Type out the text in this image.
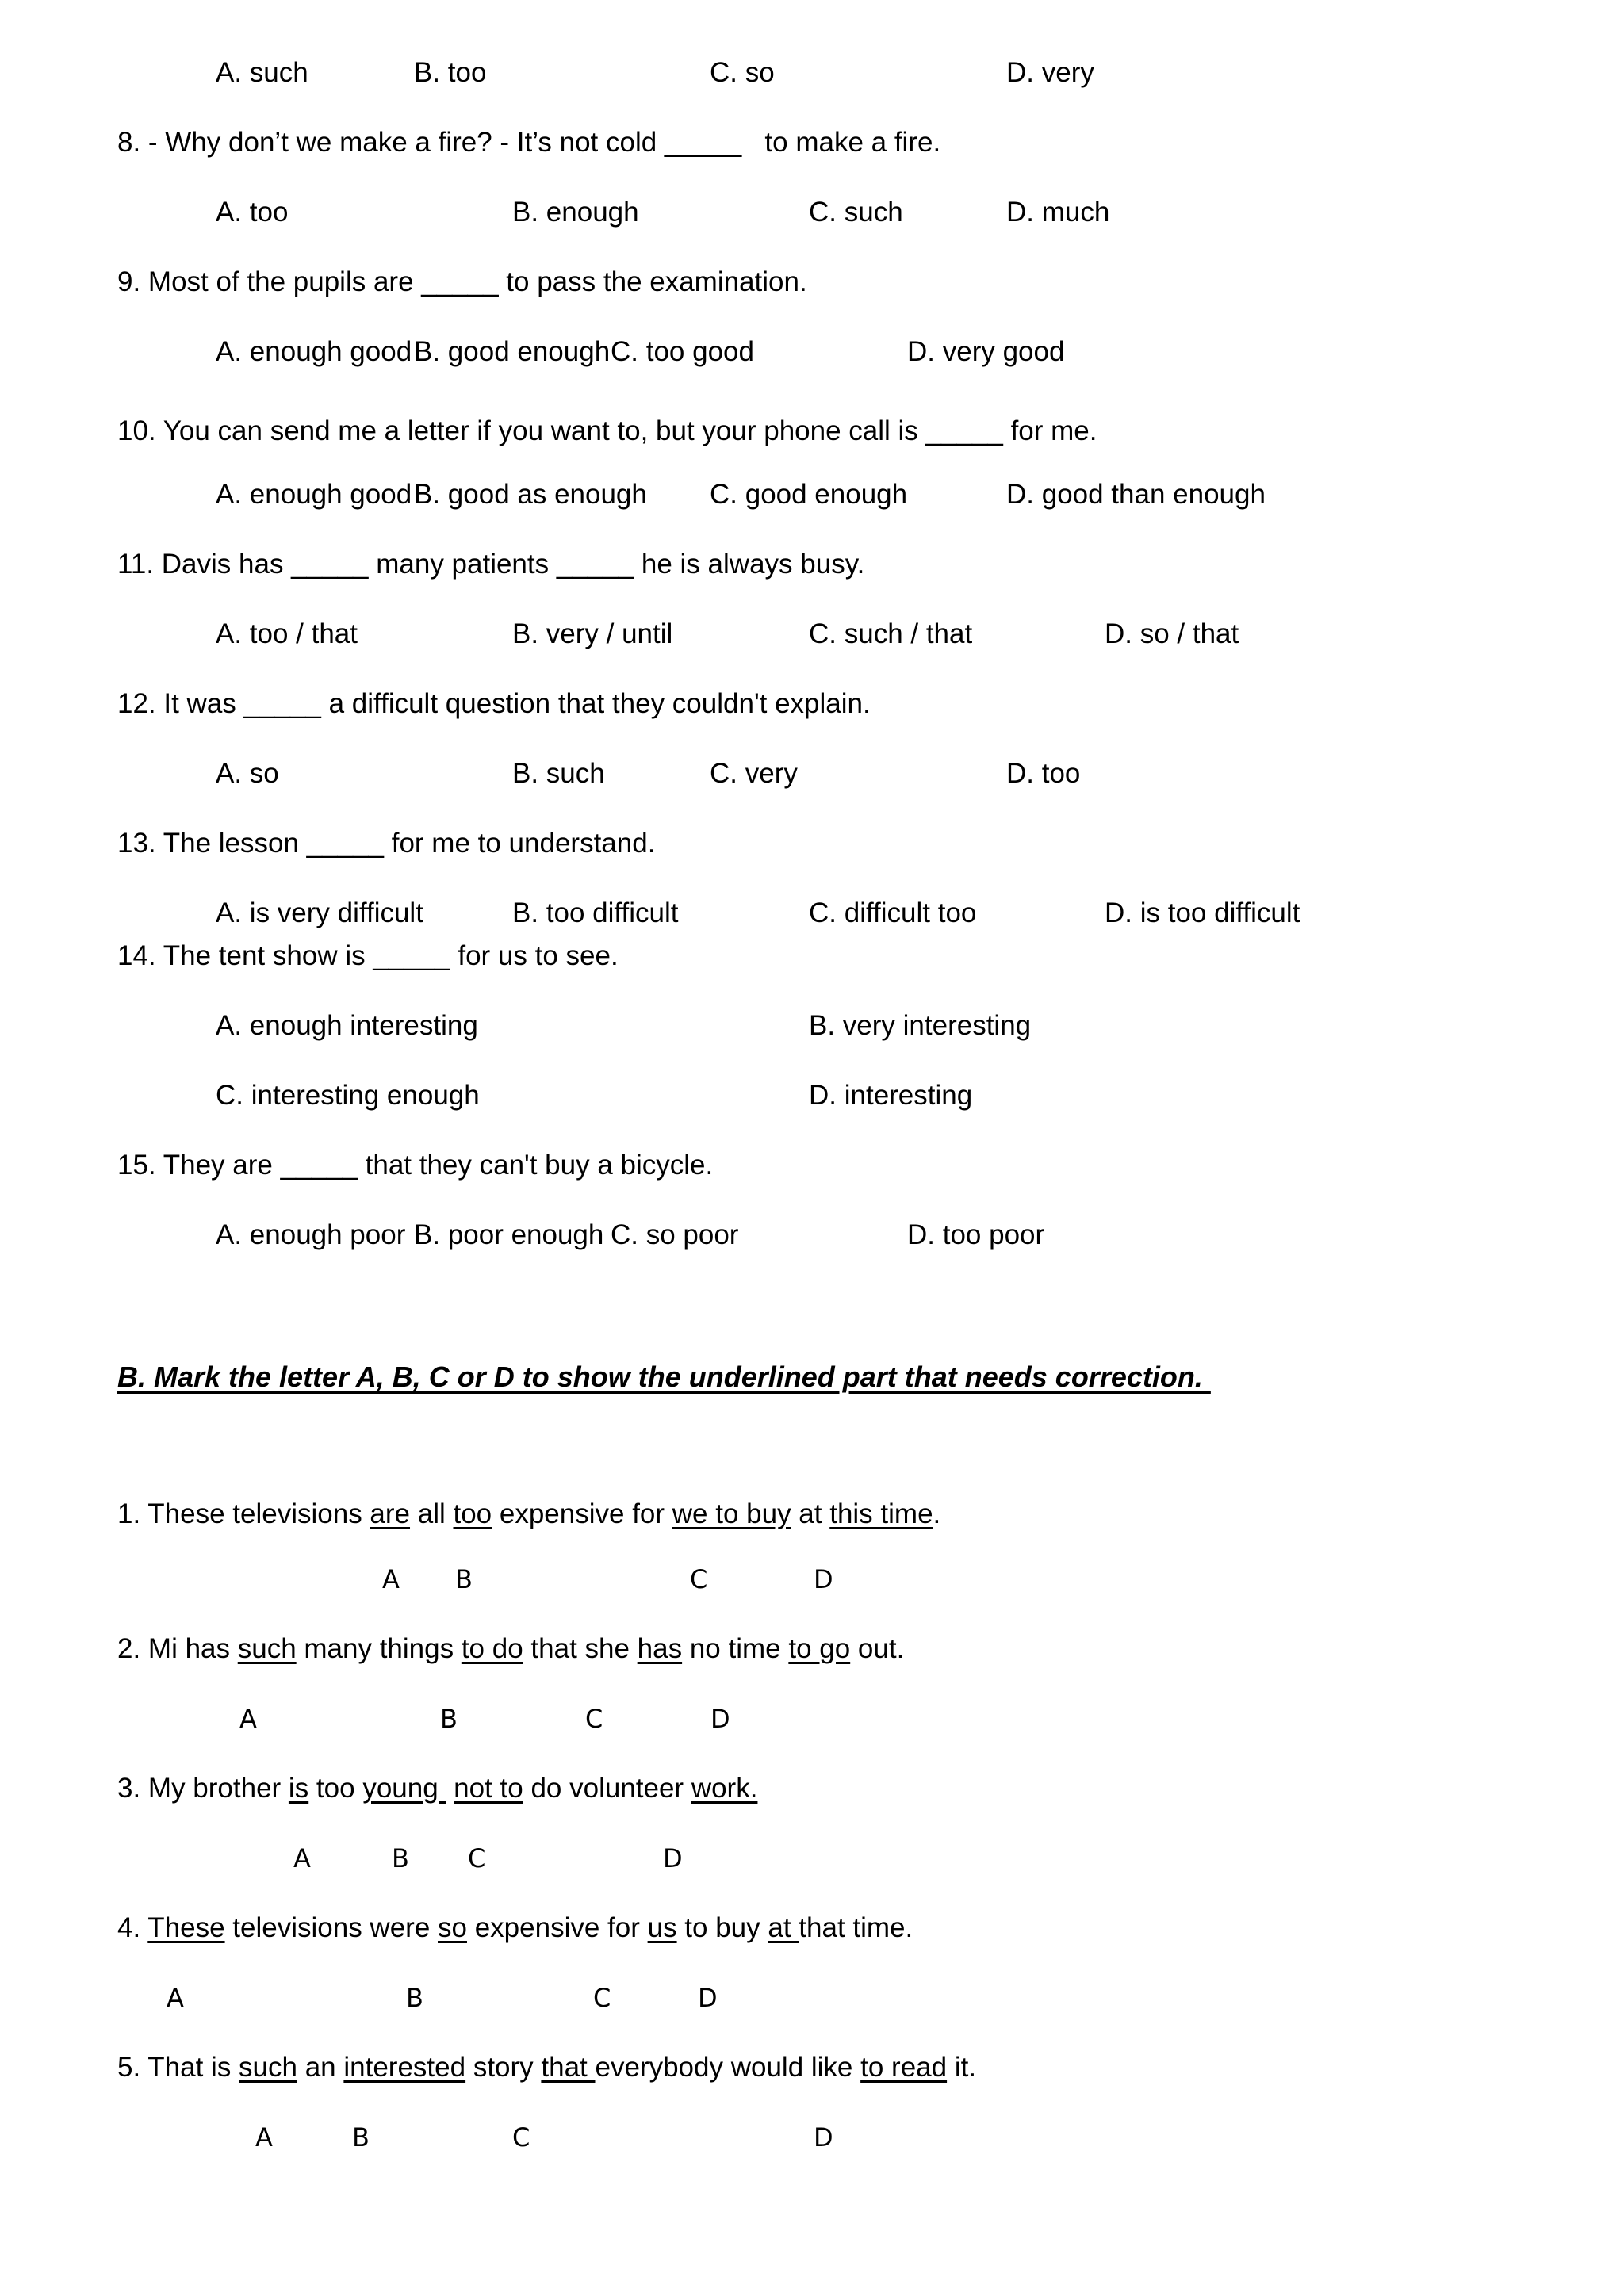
A. such	B. too	C. so	D. very
8. - Why don’t we make a fire? - It’s not cold _____   to make a fire.
A. too	B. enough	C. such	D. much
9. Most of the pupils are _____ to pass the examination.
A. enough good B. good enough C. too good	D. very good
10. You can send me a letter if you want to, but your phone call is _____ for me.
A. enough good B. good as enough C. good enough	D. good than enough
11. Davis has _____ many patients _____ he is always busy.
A. too / that	B. very / until	C. such / that	D. so / that
12. It was _____ a difficult question that they couldn't explain.
A. so	B. such	C. very	D. too
13. The lesson _____ for me to understand.
A. is very difficult	B. too difficult	C. difficult too	D. is too difficult
14. The tent show is _____ for us to see.
A. enough interesting	B. very interesting
C. interesting enough	D. interesting
15. They are _____ that they can't buy a bicycle.
A. enough poor B. poor enough C. so poor	D. too poor
B. Mark the letter A, B, C or D to show the underlined part that needs correction.
1. These televisions are all too expensive for we to buy at this time.
A B	C	D
2. Mi has such many things to do that she has no time to go out.
A	B	C	D
3. My brother is too young  not to do volunteer work.
A	B C	D
4. These televisions were so expensive for us to buy at that time.
A	B	C	D
5. That is such an interested story that everybody would like to read it.
A	B	C	D
